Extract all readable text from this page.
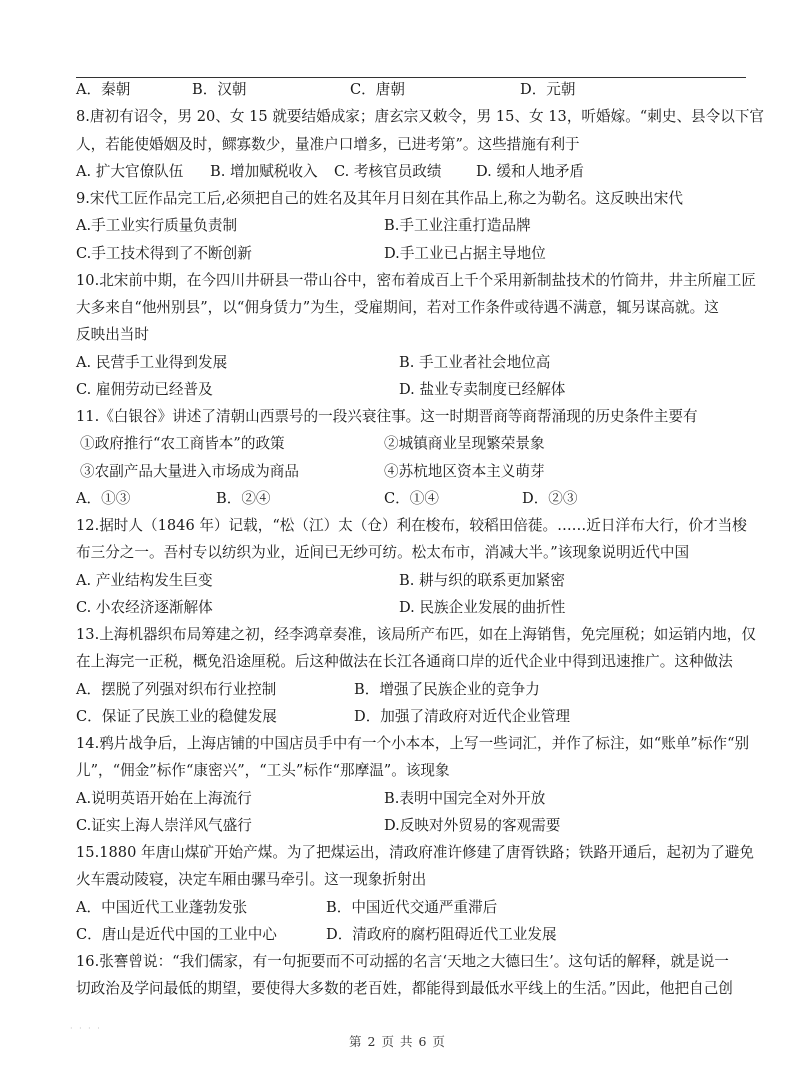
A．秦朝	B．汉朝	C．唐朝	D．元朝
8.唐初有诏令，男 20、女 15 就要结婚成家；唐玄宗又敕令，男 15、女 13，听婚嫁。“刺史、县令以下官
人，若能使婚姻及时，鳏寡数少，量准户口增多，已进考第”。这些措施有利于
A. 扩大官僚队伍 B. 增加赋税收入 C. 考核官员政绩 D. 缓和人地矛盾
9.宋代工匠作品完工后,必须把自己的姓名及其年月日刻在其作品上,称之为勒名。这反映出宋代
A.手工业实行质量负责制	B.手工业注重打造品牌
C.手工技术得到了不断创新	D.手工业已占据主导地位
10.北宋前中期，在今四川井研县一带山谷中，密布着成百上千个采用新制盐技术的竹筒井，井主所雇工匠
大多来自“他州别县”，以“佣身赁力”为生，受雇期间，若对工作条件或待遇不满意，辄另谋高就。这
反映出当时
A. 民营手工业得到发展	B. 手工业者社会地位高
C. 雇佣劳动已经普及	D. 盐业专卖制度已经解体
11.《白银谷》讲述了清朝山西票号的一段兴衰往事。这一时期晋商等商帮涌现的历史条件主要有
①政府推行“农工商皆本”的政策	②城镇商业呈现繁荣景象
③农副产品大量进入市场成为商品	④苏杭地区资本主义萌芽
A．①③	B．②④	C．①④	D．②③
12.据时人（1846 年）记载，“松（江）太（仓）利在梭布，较稻田倍蓰。……近日洋布大行，价才当梭
布三分之一。吾村专以纺织为业，近间已无纱可纺。松太布市，消减大半。”该现象说明近代中国
A. 产业结构发生巨变	B. 耕与织的联系更加紧密
C. 小农经济逐渐解体	D. 民族企业发展的曲折性
13.上海机器织布局筹建之初，经李鸿章奏准，该局所产布匹，如在上海销售，免完厘税；如运销内地，仅
在上海完一正税，概免沿途厘税。后这种做法在长江各通商口岸的近代企业中得到迅速推广。这种做法
A．摆脱了列强对织布行业控制	B．增强了民族企业的竞争力
C．保证了民族工业的稳健发展	D．加强了清政府对近代企业管理
14.鸦片战争后，上海店铺的中国店员手中有一个小本本，上写一些词汇，并作了标注，如“账单”标作“别
儿”，“佣金”标作“康密兴”，“工头”标作“那摩温”。该现象
A.说明英语开始在上海流行	B.表明中国完全对外开放
C.证实上海人崇洋风气盛行	D.反映对外贸易的客观需要
15.1880 年唐山煤矿开始产煤。为了把煤运出，清政府准许修建了唐胥铁路；铁路开通后，起初为了避免
火车震动陵寝，决定车厢由骡马牵引。这一现象折射出
A．中国近代工业蓬勃发张	B．中国近代交通严重滞后
C．唐山是近代中国的工业中心	D．清政府的腐朽阻碍近代工业发展
16.张謇曾说：“我们儒家，有一句扼要而不可动摇的名言‘天地之大德曰生’。这句话的解释，就是说一
切政治及学问最低的期望，要使得大多数的老百姓，都能得到最低水平线上的生活。”因此，他把自己创
· · · ·
第 2 页 共 6 页
